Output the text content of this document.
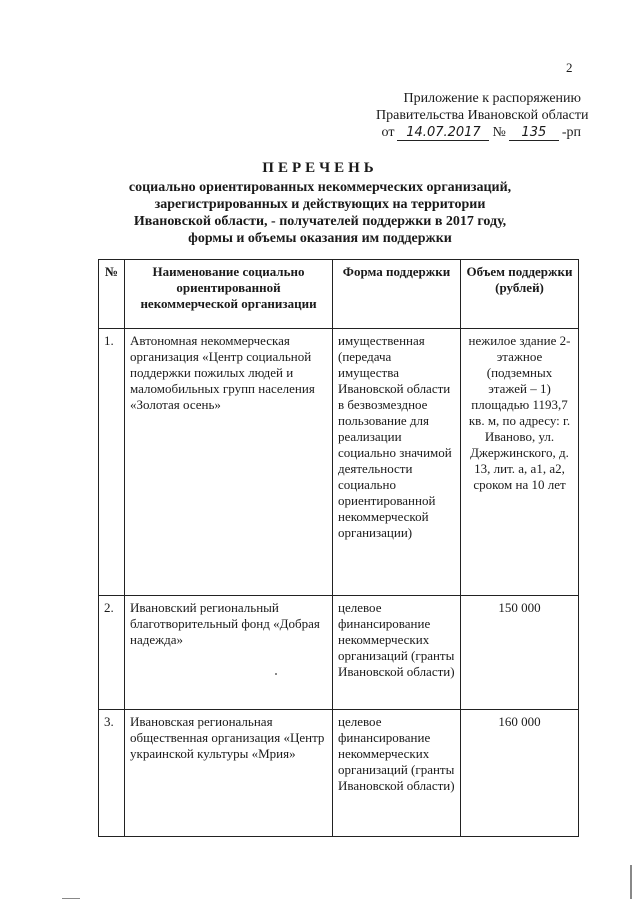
2
Приложение к распоряжению
Правительства Ивановской области
от 14.07.2017 №	135	-рп
ПЕРЕЧЕНЬ
социально ориентированных некоммерческих организаций,
зарегистрированных и действующих на территории
Ивановской области, - получателей поддержки в 2017 году,
формы и объемы оказания им поддержки
№	Наименование социально ориентированной некоммерческой организации	Форма поддержки	Объем поддержки (рублей)
1.	Автономная некоммерческая организация «Центр социальной поддержки пожилых людей и маломобильных групп населения «Золотая осень»	имущественная (передача имущества Ивановской области в безвозмездное пользование для реализации социально значимой деятельности социально ориентированной некоммерческой организации)	нежилое здание 2-этажное (подземных этажей – 1) площадью 1193,7 кв. м, по адресу: г. Иваново, ул. Джержинского, д. 13, лит. а, а1, а2, сроком на 10 лет
2.	Ивановский региональный благотворительный фонд «Добрая надежда»	целевое финансирование некоммерческих организаций (гранты Ивановской области)	150 000
3.	Ивановская региональная общественная организация «Центр украинской культуры «Мрия»	целевое финансирование некоммерческих организаций (гранты Ивановской области)	160 000
